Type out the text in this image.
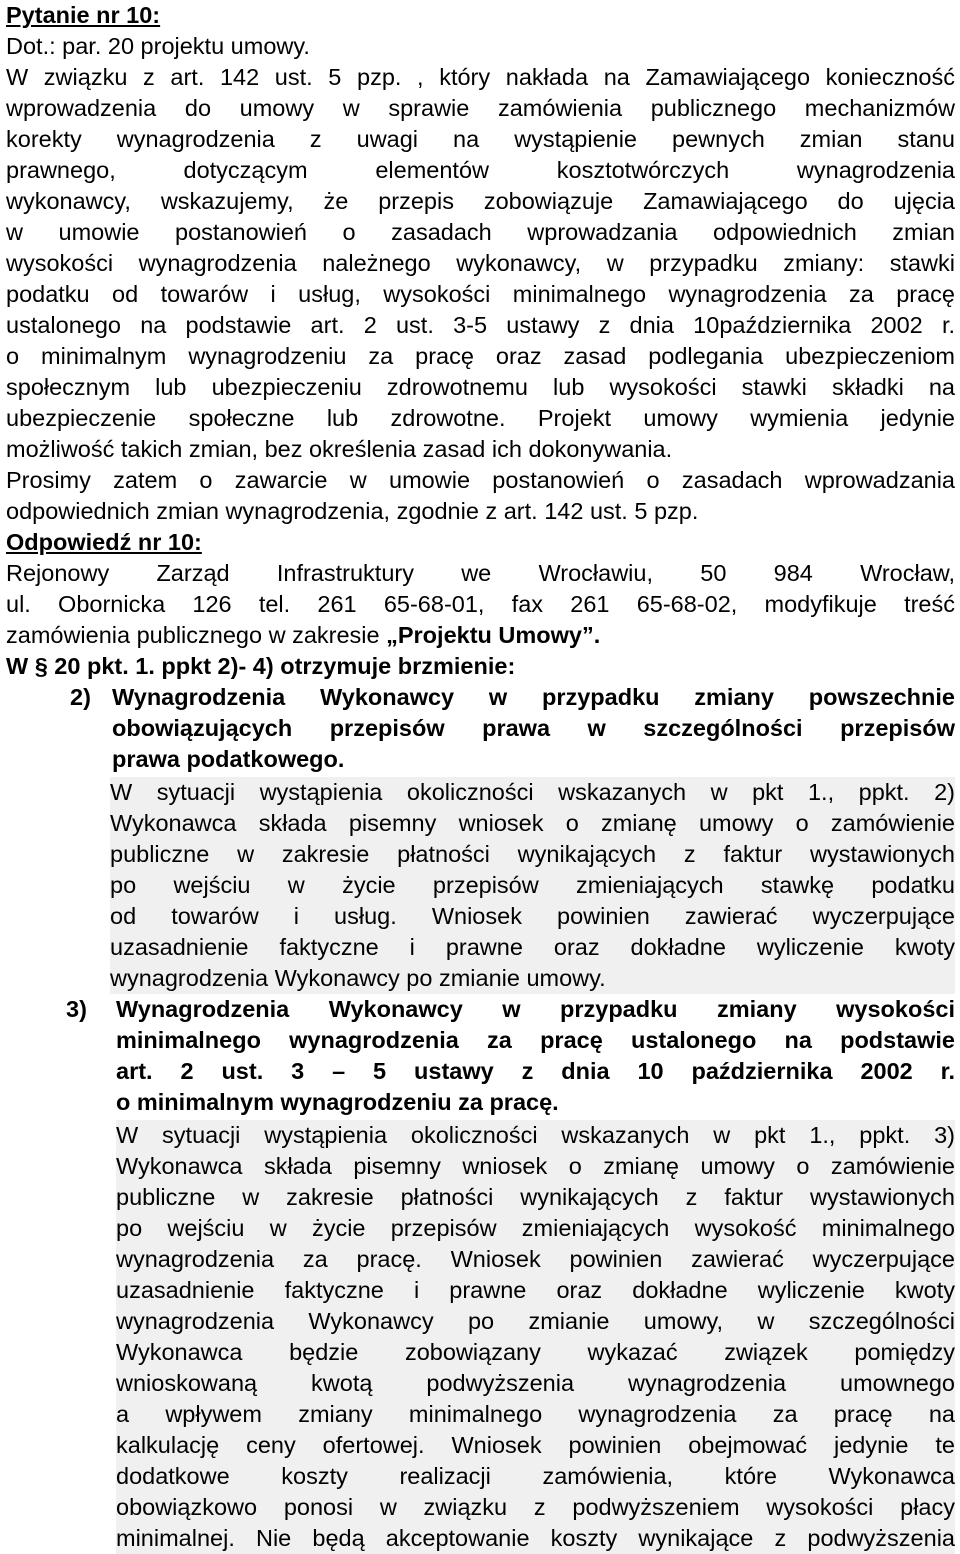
Pytanie nr 10:
Dot.: par. 20 projektu umowy.
W związku z art. 142 ust. 5 pzp. , który nakłada na Zamawiającego konieczność
wprowadzenia do umowy w sprawie zamówienia publicznego mechanizmów
korekty wynagrodzenia z uwagi na wystąpienie pewnych zmian stanu
prawnego, dotyczącym elementów kosztotwórczych wynagrodzenia
wykonawcy, wskazujemy, że przepis zobowiązuje Zamawiającego do ujęcia
w umowie postanowień o zasadach wprowadzania odpowiednich zmian
wysokości wynagrodzenia należnego wykonawcy, w przypadku zmiany: stawki
podatku od towarów i usług, wysokości minimalnego wynagrodzenia za pracę
ustalonego na podstawie art. 2 ust. 3-5 ustawy z dnia 10października 2002 r.
o minimalnym wynagrodzeniu za pracę oraz zasad podlegania ubezpieczeniom
społecznym lub ubezpieczeniu zdrowotnemu lub wysokości stawki składki na
ubezpieczenie społeczne lub zdrowotne. Projekt umowy wymienia jedynie
możliwość takich zmian, bez określenia zasad ich dokonywania.
Prosimy zatem o zawarcie w umowie postanowień o zasadach wprowadzania
odpowiednich zmian wynagrodzenia, zgodnie z art. 142 ust. 5 pzp.
Odpowiedź nr 10:
Rejonowy Zarząd Infrastruktury we Wrocławiu, 50 984 Wrocław,
ul. Obornicka 126 tel. 261 65-68-01, fax 261 65-68-02, modyfikuje treść
zamówienia publicznego w zakresie „Projektu Umowy”.
W § 20 pkt. 1. ppkt 2)- 4) otrzymuje brzmienie:
2) Wynagrodzenia Wykonawcy w przypadku zmiany powszechnie
obowiązujących przepisów prawa w szczególności przepisów
prawa podatkowego.
W sytuacji wystąpienia okoliczności wskazanych w pkt 1., ppkt. 2)
Wykonawca składa pisemny wniosek o zmianę umowy o zamówienie
publiczne w zakresie płatności wynikających z faktur wystawionych
po wejściu w życie przepisów zmieniających stawkę podatku
od towarów i usług. Wniosek powinien zawierać wyczerpujące
uzasadnienie faktyczne i prawne oraz dokładne wyliczenie kwoty
wynagrodzenia Wykonawcy po zmianie umowy.
3) Wynagrodzenia Wykonawcy w przypadku zmiany wysokości
minimalnego wynagrodzenia za pracę ustalonego na podstawie
art. 2 ust. 3 – 5 ustawy z dnia 10 października 2002 r.
o minimalnym wynagrodzeniu za pracę.
W sytuacji wystąpienia okoliczności wskazanych w pkt 1., ppkt. 3)
Wykonawca składa pisemny wniosek o zmianę umowy o zamówienie
publiczne w zakresie płatności wynikających z faktur wystawionych
po wejściu w życie przepisów zmieniających wysokość minimalnego
wynagrodzenia za pracę. Wniosek powinien zawierać wyczerpujące
uzasadnienie faktyczne i prawne oraz dokładne wyliczenie kwoty
wynagrodzenia Wykonawcy po zmianie umowy, w szczególności
Wykonawca będzie zobowiązany wykazać związek pomiędzy
wnioskowaną kwotą podwyższenia wynagrodzenia umownego
a wpływem zmiany minimalnego wynagrodzenia za pracę na
kalkulację ceny ofertowej. Wniosek powinien obejmować jedynie te
dodatkowe koszty realizacji zamówienia, które Wykonawca
obowiązkowo ponosi w związku z podwyższeniem wysokości płacy
minimalnej. Nie będą akceptowanie koszty wynikające z podwyższenia
